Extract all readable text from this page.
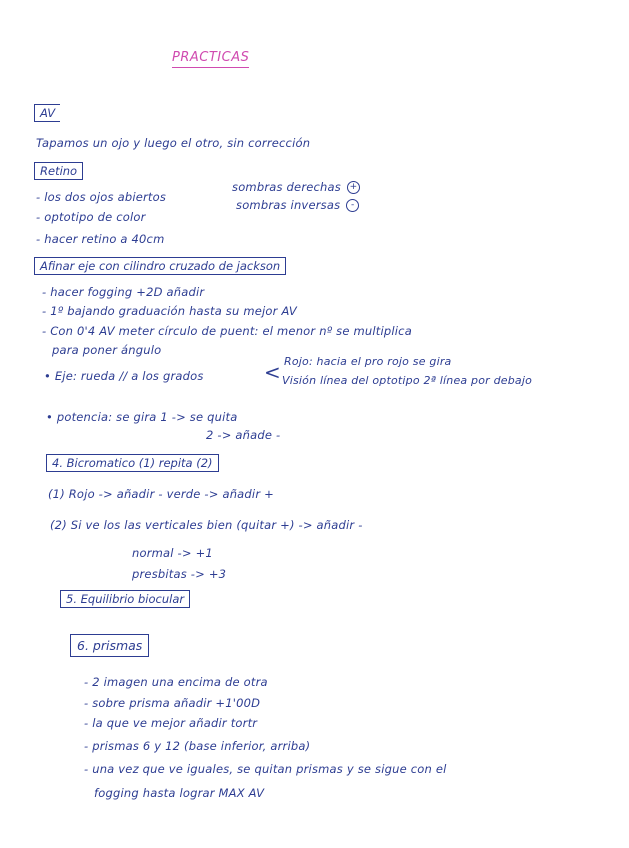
PRACTICAS
AV
Tapamos un ojo y luego el otro, sin corrección
Retino
- los dos ojos abiertos
- optotipo de color
- hacer retino a 40cm
sombras derechas +
sombras inversas -
Afinar eje con cilindro cruzado de jackson
- hacer fogging +2D añadir
- 1º bajando graduación hasta su mejor AV
- Con 0'4 AV meter círculo de puent: el menor nº se multiplica
para poner ángulo
• Eje: rueda // a los grados	< Rojo: hacia el pro rojo se gira
Visión línea del optotipo 2ª línea por debajo
• potencia: se gira 1 -> se quita
2 -> añade -
4. Bicromatico (1) repita (2)
(1) Rojo -> añadir - verde -> añadir +
(2) Si ve los las verticales bien (quitar +) -> añadir -
normal -> +1
presbitas -> +3
5. Equilibrio biocular
6. prismas
- 2 imagen una encima de otra
- sobre prisma añadir +1'00D
- la que ve mejor añadir tortr
- prismas 6 y 12 (base inferior, arriba)
- una vez que ve iguales, se quitan prismas y se sigue con el
fogging hasta lograr MAX AV
